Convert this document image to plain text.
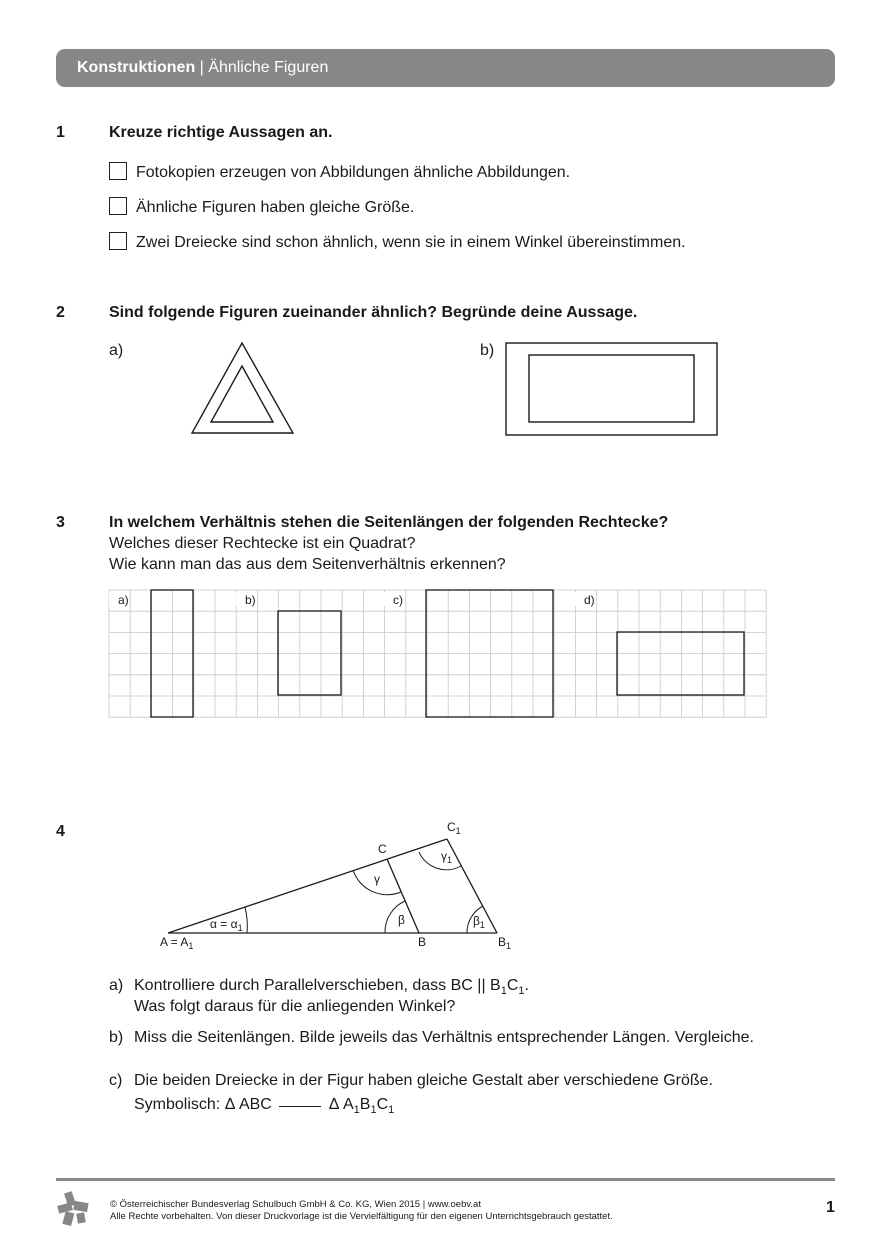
Konstruktionen | Ähnliche Figuren
1	Kreuze richtige Aussagen an.
Fotokopien erzeugen von Abbildungen ähnliche Abbildungen.
Ähnliche Figuren haben gleiche Größe.
Zwei Dreiecke sind schon ähnlich, wenn sie in einem Winkel übereinstimmen.
2	Sind folgende Figuren zueinander ähnlich? Begründe deine Aussage.
a)	b)
3	In welchem Verhältnis stehen die Seitenlängen der folgenden Rechtecke?
Welches dieser Rechtecke ist ein Quadrat?
Wie kann man das aus dem Seitenverhältnis erkennen?
a)	b)	c)	d)
4
$A = A_1$	B	$B_1$
C
$C_1$
$\alpha = \alpha_1$
γ
β
$\gamma_1$
$\beta_1$
a) Kontrolliere durch Parallelverschieben, dass BC || $B_1C_1$.
Was folgt daraus für die anliegenden Winkel?
b) Miss die Seitenlängen. Bilde jeweils das Verhältnis entsprechender Längen. Vergleiche.
c) Die beiden Dreiecke in der Figur haben gleiche Gestalt aber verschiedene Größe.
Symbolisch: Δ ABC	Δ $A_1B_1C_1$
© Österreichischer Bundesverlag Schulbuch GmbH & Co. KG, Wien 2015 | www.oebv.at
Alle Rechte vorbehalten. Von dieser Druckvorlage ist die Vervielfältigung für den eigenen Unterrichtsgebrauch gestattet.
1
